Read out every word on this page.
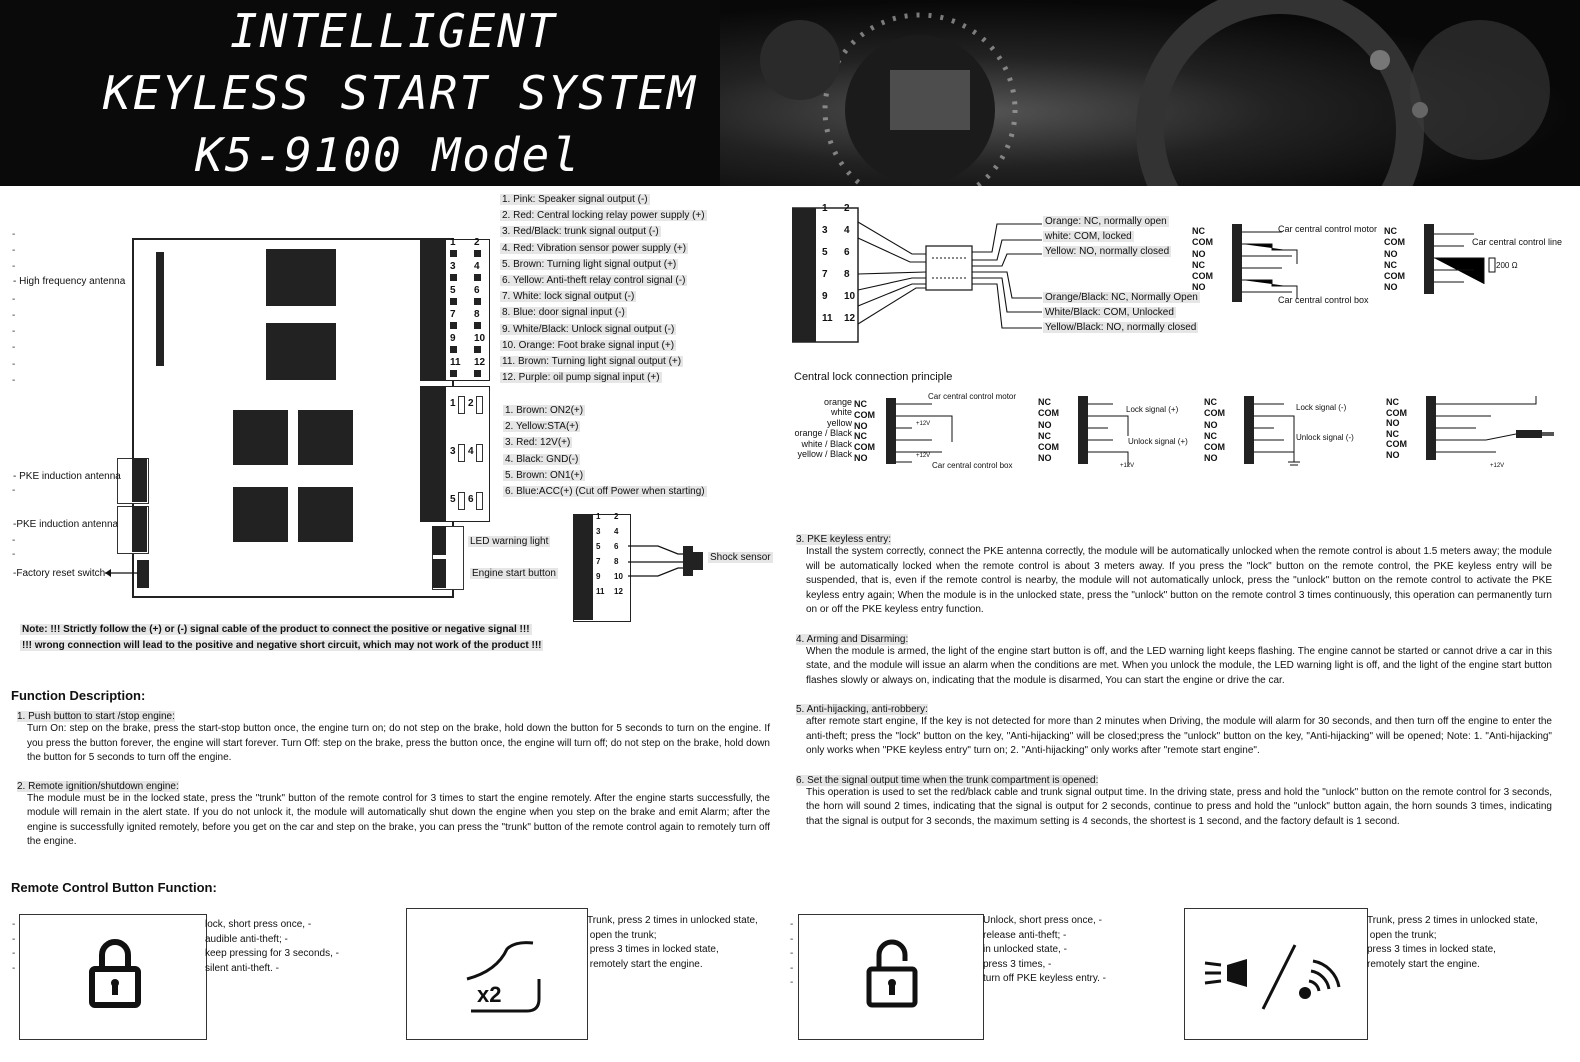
INTELLIGENT
KEYLESS START SYSTEM
K5-9100 Model
-
-
-

-
-
-
-
-
-
- High frequency antenna
-
- PKE induction antenna
-PKE induction antenna
-
-
-Factory reset switch
1 2
3 4
5 6
7 8
9 10
11 12
1 2
3 4
5 6
LED warning light
Engine start button
1. Pink: Speaker signal output (-)
2. Red: Central locking relay power supply (+)
3. Red/Black: trunk signal output (-)
4. Red: Vibration sensor power supply (+)
5. Brown: Turning light signal output (+)
6. Yellow: Anti-theft relay control signal (-)
7. White: lock signal output (-)
8. Blue: door signal input (-)
9. White/Black: Unlock signal output (-)
10. Orange: Foot brake signal input (+)
11. Brown: Turning light signal output (+)
12. Purple: oil pump signal input (+)
1. Brown: ON2(+)
2. Yellow:STA(+)
3. Red: 12V(+)
4. Black: GND(-)
5. Brown: ON1(+)
6. Blue:ACC(+) (Cut off Power when starting)
1 2
3 4
5 6
7 8
9 10
11 12
Shock sensor
Note: !!! Strictly follow the (+) or (-) signal cable of the product to connect the positive or negative signal !!!
!!! wrong connection will lead to the positive and negative short circuit, which may not work of the product !!!
1 2
3 4
5 6
7 8
9 10
11 12
Orange: NC, normally open
white: COM, locked
Yellow: NO, normally closed
Orange/Black: NC, Normally Open
White/Black: COM, Unlocked
Yellow/Black: NO, normally closed
NC
COM
NO
NC
COM
NO
Car central control motor
Car central control box
NC
COM
NO
NC
COM
NO
Car central control line
200 Ω
Central lock connection principle
orange
white
yellow
orange / Black
white / Black
yellow / Black
NC
COM
NO
NC
COM
NO
Car central control motor
Car central control box
+12V
+12V
NC
COM
NO
NC
COM
NO
Lock signal (+)
Unlock signal (+)
+12V
NC
COM
NO
NC
COM
NO
Lock signal (-)
Unlock signal (-)
NC
COM
NO
NC
COM
NO
+12V
Function Description:
1. Push button to start /stop engine:
Turn On: step on the brake, press the start-stop button once, the engine turn on; do not step on the brake, hold down the button for 5 seconds to turn on the engine. If you press the button forever, the engine will start forever. Turn Off: step on the brake, press the button once, the engine will turn off; do not step on the brake, hold down the button for 5 seconds to turn off the engine.
2. Remote ignition/shutdown engine:
The module must be in the locked state, press the "trunk" button of the remote control for 3 times to start the engine remotely. After the engine starts successfully, the module will remain in the alert state. If you do not unlock it, the module will automatically shut down the engine when you step on the brake and emit Alarm; after the engine is successfully ignited remotely, before you get on the car and step on the brake, you can press the "trunk" button of the remote control again to remotely turn off the engine.
3. PKE keyless entry:
Install the system correctly, connect the PKE antenna correctly, the module will be automatically unlocked when the remote control is about 1.5 meters away; the module will be automatically locked when the remote control is about 3 meters away. If you press the "lock" button on the remote control, the PKE keyless entry will be suspended, that is, even if the remote control is nearby, the module will not automatically unlock, press the "unlock" button on the remote control to activate the PKE keyless entry again; When the module is in the unlocked state, press the "unlock" button on the remote control 3 times continuously, this operation can permanently turn on or off the PKE keyless entry function.
4. Arming and Disarming:
When the module is armed, the light of the engine start button is off, and the LED warning light keeps flashing. The engine cannot be started or cannot drive a car in this state, and the module will issue an alarm when the conditions are met. When you unlock the module, the LED warning light is off, and the light of the engine start button flashes slowly or always on, indicating that the module is disarmed, You can start the engine or drive the car.
5. Anti-hijacking, anti-robbery:
after remote start engine, If the key is not detected for more than 2 minutes when Driving, the module will alarm for 30 seconds, and then turn off the engine to enter the anti-theft; press the "lock" button on the key, "Anti-hijacking" will be closed;press the "unlock" button on the key, "Anti-hijacking" will be opened; Note: 1. "Anti-hijacking" only works when "PKE keyless entry" turn on; 2. "Anti-hijacking" only works after "remote start engine".
6. Set the signal output time when the trunk compartment is opened:
This operation is used to set the red/black cable and trunk signal output time. In the driving state, press and hold the "unlock" button on the remote control for 3 seconds, the horn will sound 2 times, indicating that the signal is output for 2 seconds, continue to press and hold the "unlock" button again, the horn sounds 3 times, indicating that the signal is output for 3 seconds, the maximum setting is 4 seconds, the shortest is 1 second, and the factory default is 1 second.
Remote Control Button Function:
-
-
-
-
lock, short press once, -
audible anti-theft; -
keep pressing for 3 seconds, -
silent anti-theft. -
x2
Trunk, press 2 times in unlocked state,
open the trunk;
press 3 times in locked state,
remotely start the engine.
-
-
-
-
-
Unlock, short press once, -
release anti-theft; -
in unlocked state, -
press 3 times, -
turn off PKE keyless entry. -
Trunk, press 2 times in unlocked state,
open the trunk;
press 3 times in locked state,
remotely start the engine.
